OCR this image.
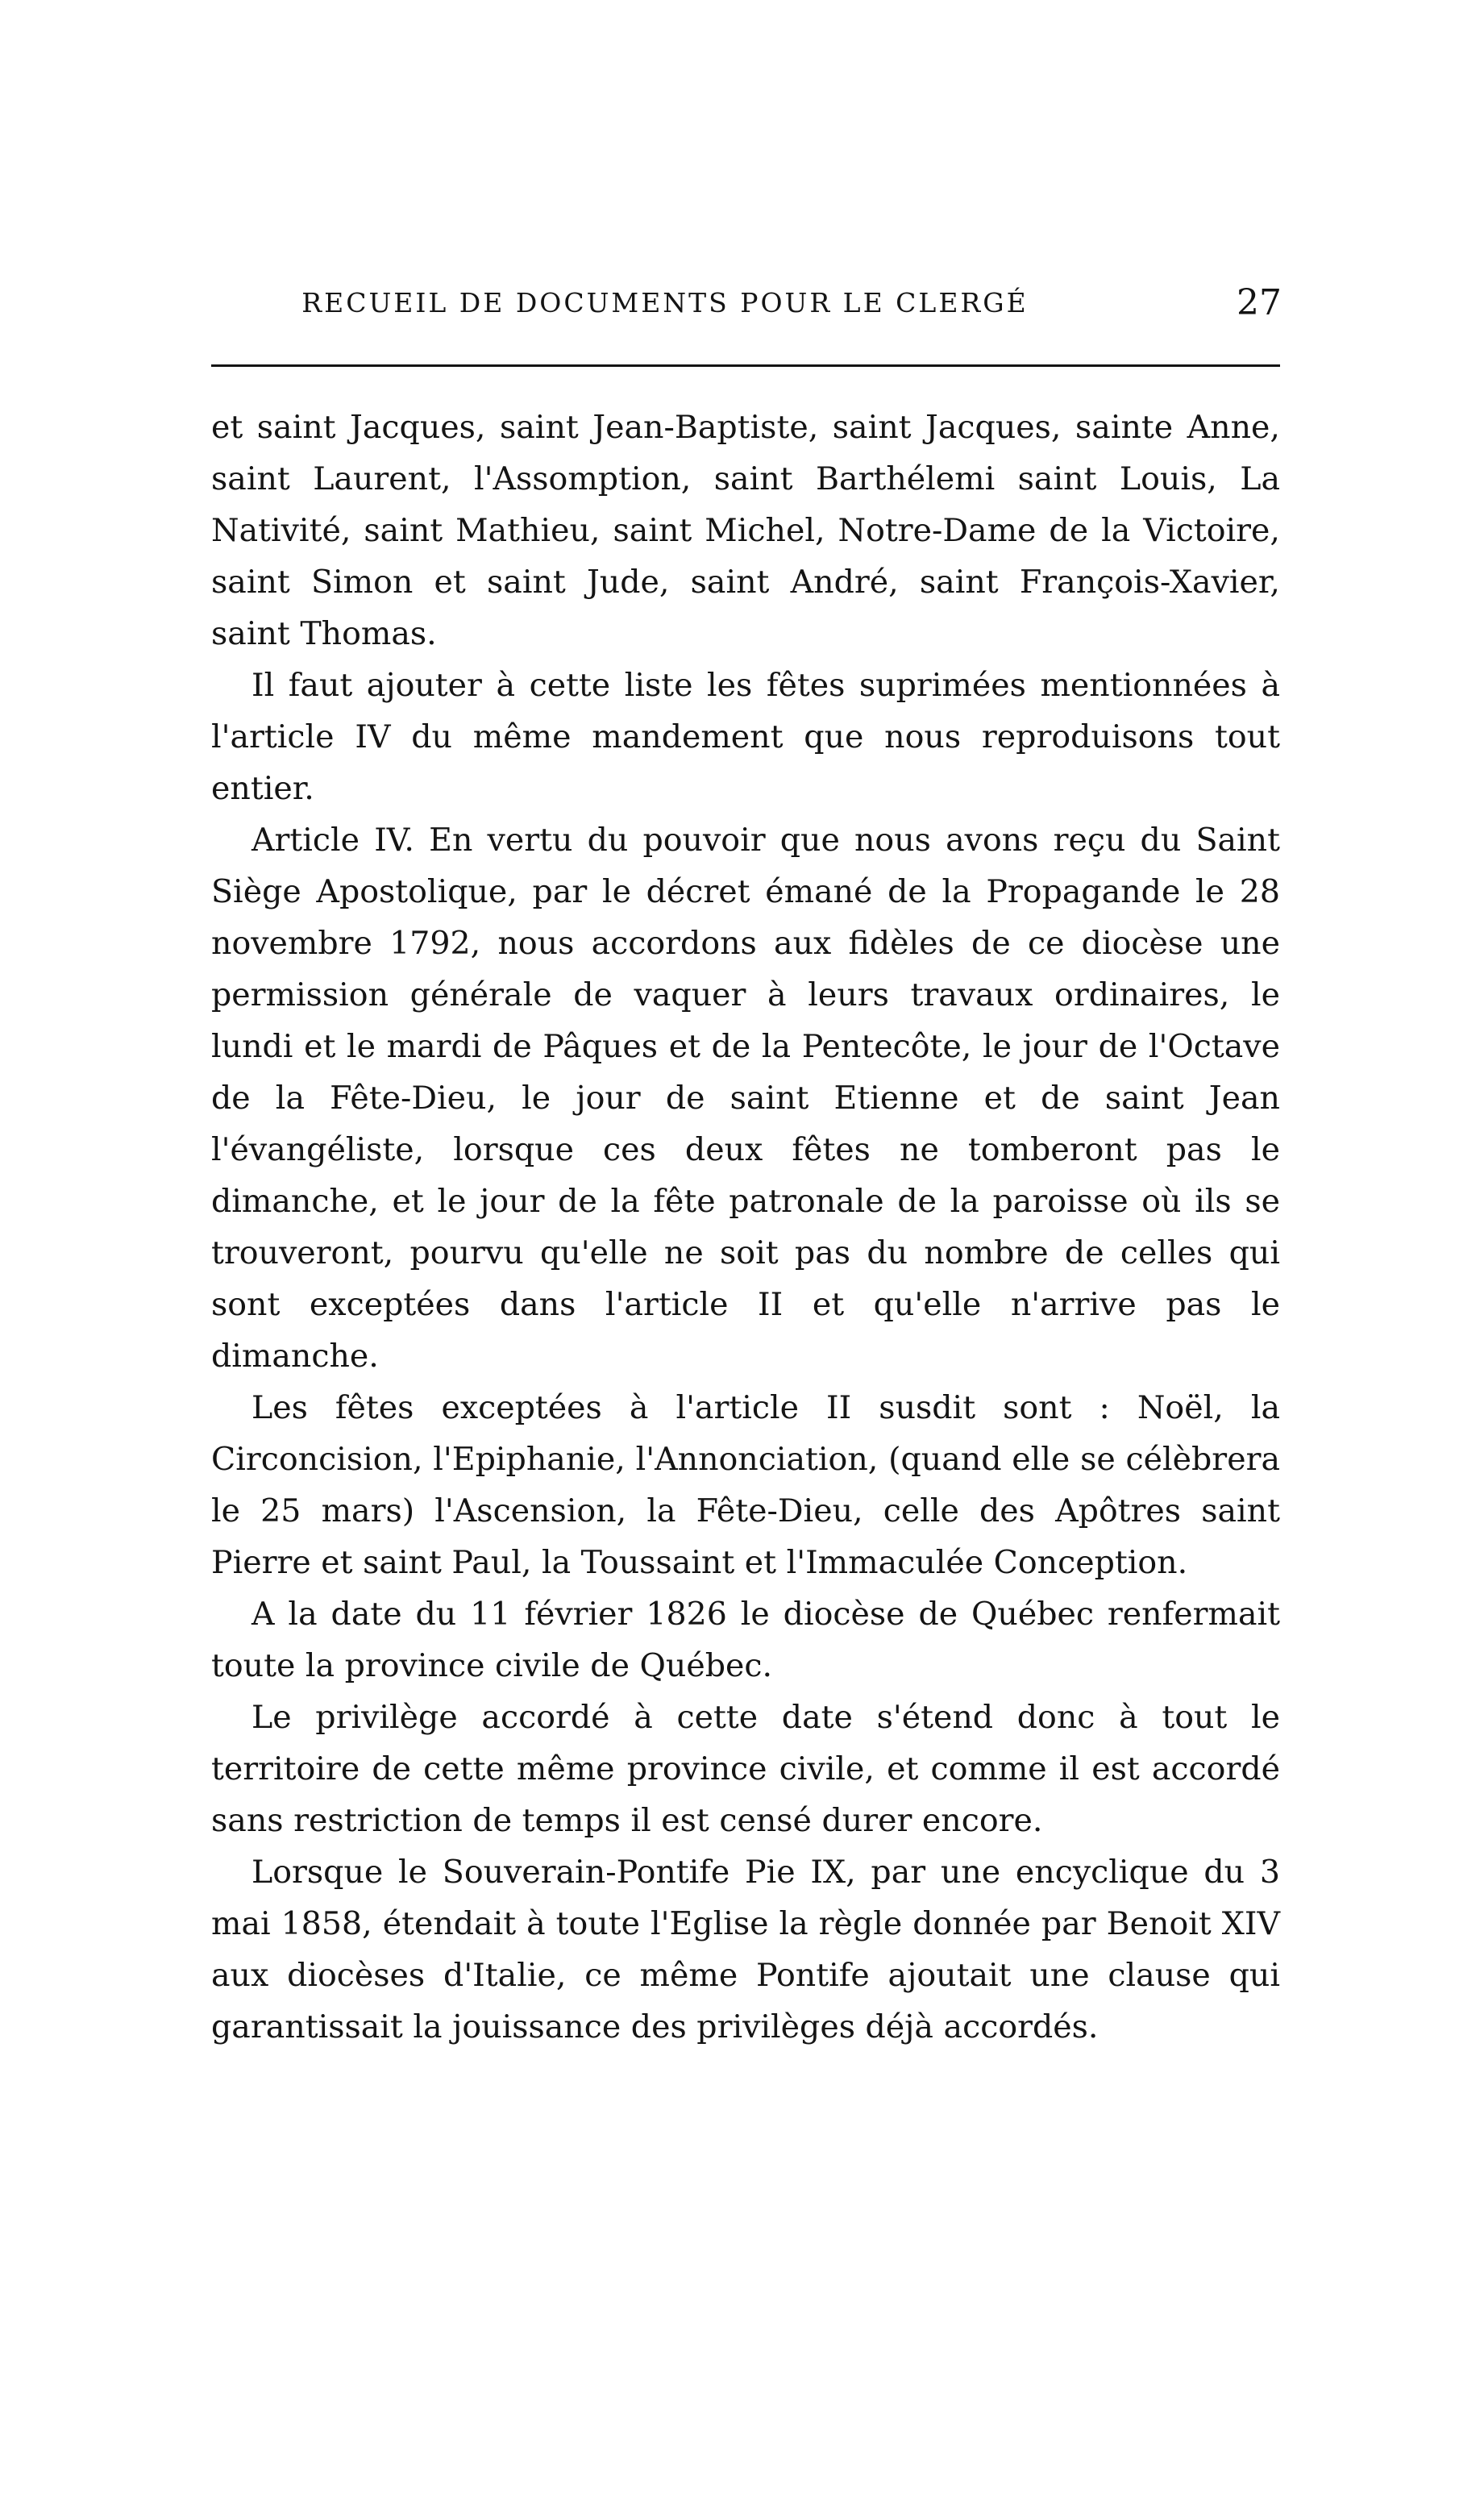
RECUEIL DE DOCUMENTS POUR LE CLERGÉ	27

et saint Jacques, saint Jean-Baptiste, saint Jacques, sainte Anne, saint Laurent, l'Assomption, saint Barthélemi saint Louis, La Nativité, saint Mathieu, saint Michel, Notre-Dame de la Victoire, saint Simon et saint Jude, saint André, saint François-Xavier, saint Thomas.

Il faut ajouter à cette liste les fêtes suprimées mentionnées à l'article IV du même mandement que nous reproduisons tout entier.

Article IV. En vertu du pouvoir que nous avons reçu du Saint Siège Apostolique, par le décret émané de la Propagande le 28 novembre 1792, nous accordons aux fidèles de ce diocèse une permission générale de vaquer à leurs travaux ordinaires, le lundi et le mardi de Pâques et de la Pentecôte, le jour de l'Octave de la Fête-Dieu, le jour de saint Etienne et de saint Jean l'évangéliste, lorsque ces deux fêtes ne tomberont pas le dimanche, et le jour de la fête patronale de la paroisse où ils se trouveront, pourvu qu'elle ne soit pas du nombre de celles qui sont exceptées dans l'article II et qu'elle n'arrive pas le dimanche.

Les fêtes exceptées à l'article II susdit sont : Noël, la Circoncision, l'Epiphanie, l'Annonciation, (quand elle se célèbrera le 25 mars) l'Ascension, la Fête-Dieu, celle des Apôtres saint Pierre et saint Paul, la Toussaint et l'Immaculée Conception.

A la date du 11 février 1826 le diocèse de Québec renfermait toute la province civile de Québec.

Le privilège accordé à cette date s'étend donc à tout le territoire de cette même province civile, et comme il est accordé sans restriction de temps il est censé durer encore.

Lorsque le Souverain-Pontife Pie IX, par une encyclique du 3 mai 1858, étendait à toute l'Eglise la règle donnée par Benoit XIV aux diocèses d'Italie, ce même Pontife ajoutait une clause qui garantissait la jouissance des privilèges déjà accordés.
